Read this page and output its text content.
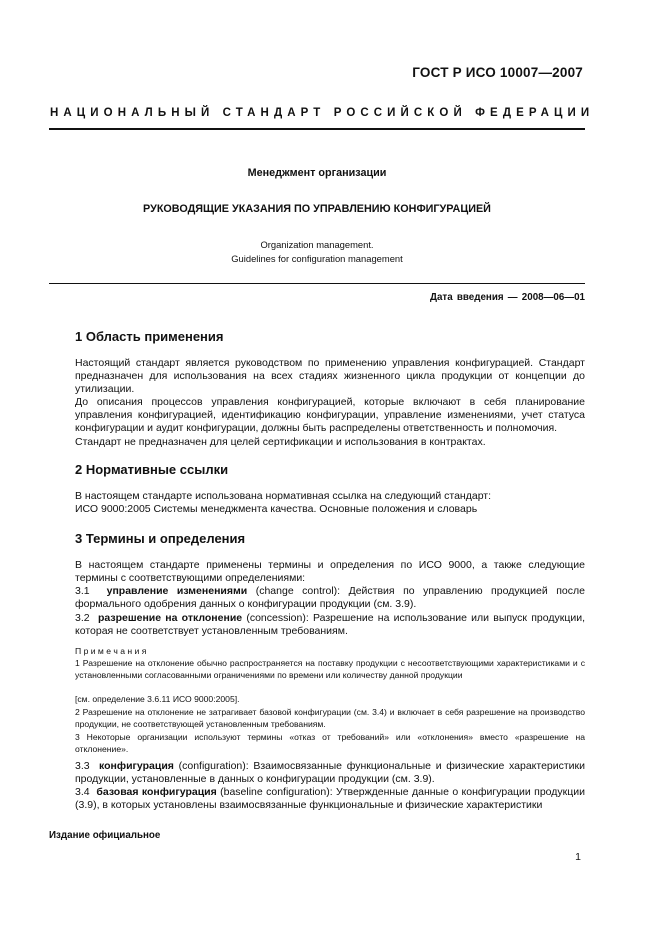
ГОСТ Р ИСО 10007—2007
НАЦИОНАЛЬНЫЙ СТАНДАРТ РОССИЙСКОЙ ФЕДЕРАЦИИ
Менеджмент организации
РУКОВОДЯЩИЕ УКАЗАНИЯ ПО УПРАВЛЕНИЮ КОНФИГУРАЦИЕЙ
Organization management.
Guidelines for configuration management
Дата введения — 2008—06—01
1 Область применения
Настоящий стандарт является руководством по применению управления конфигурацией. Стандарт предназначен для использования на всех стадиях жизненного цикла продукции от концепции до утилизации.
До описания процессов управления конфигурацией, которые включают в себя планирование управления конфигурацией, идентификацию конфигурации, управление изменениями, учет статуса конфигурации и аудит конфигурации, должны быть распределены ответственность и полномочия.
Стандарт не предназначен для целей сертификации и использования в контрактах.
2 Нормативные ссылки
В настоящем стандарте использована нормативная ссылка на следующий стандарт:
ИСО 9000:2005 Системы менеджмента качества. Основные положения и словарь
3 Термины и определения
В настоящем стандарте применены термины и определения по ИСО 9000, а также следующие термины с соответствующими определениями:
3.1 управление изменениями (change control): Действия по управлению продукцией после формального одобрения данных о конфигурации продукции (см. 3.9).
3.2 разрешение на отклонение (concession): Разрешение на использование или выпуск продукции, которая не соответствует установленным требованиям.
П р и м е ч а н и я
1 Разрешение на отклонение обычно распространяется на поставку продукции с несоответствующими характеристиками и с установленными согласованными ограничениями по времени или количеству данной продукции
[см. определение 3.6.11 ИСО 9000:2005].
2 Разрешение на отклонение не затрагивает базовой конфигурации (см. 3.4) и включает в себя разрешение на производство продукции, не соответствующей установленным требованиям.
3 Некоторые организации используют термины «отказ от требований» или «отклонения» вместо «разрешение на отклонение».
3.3 конфигурация (configuration): Взаимосвязанные функциональные и физические характеристики продукции, установленные в данных о конфигурации продукции (см. 3.9).
3.4 базовая конфигурация (baseline configuration): Утвержденные данные о конфигурации продукции (3.9), в которых установлены взаимосвязанные функциональные и физические характеристики
Издание официальное
1
